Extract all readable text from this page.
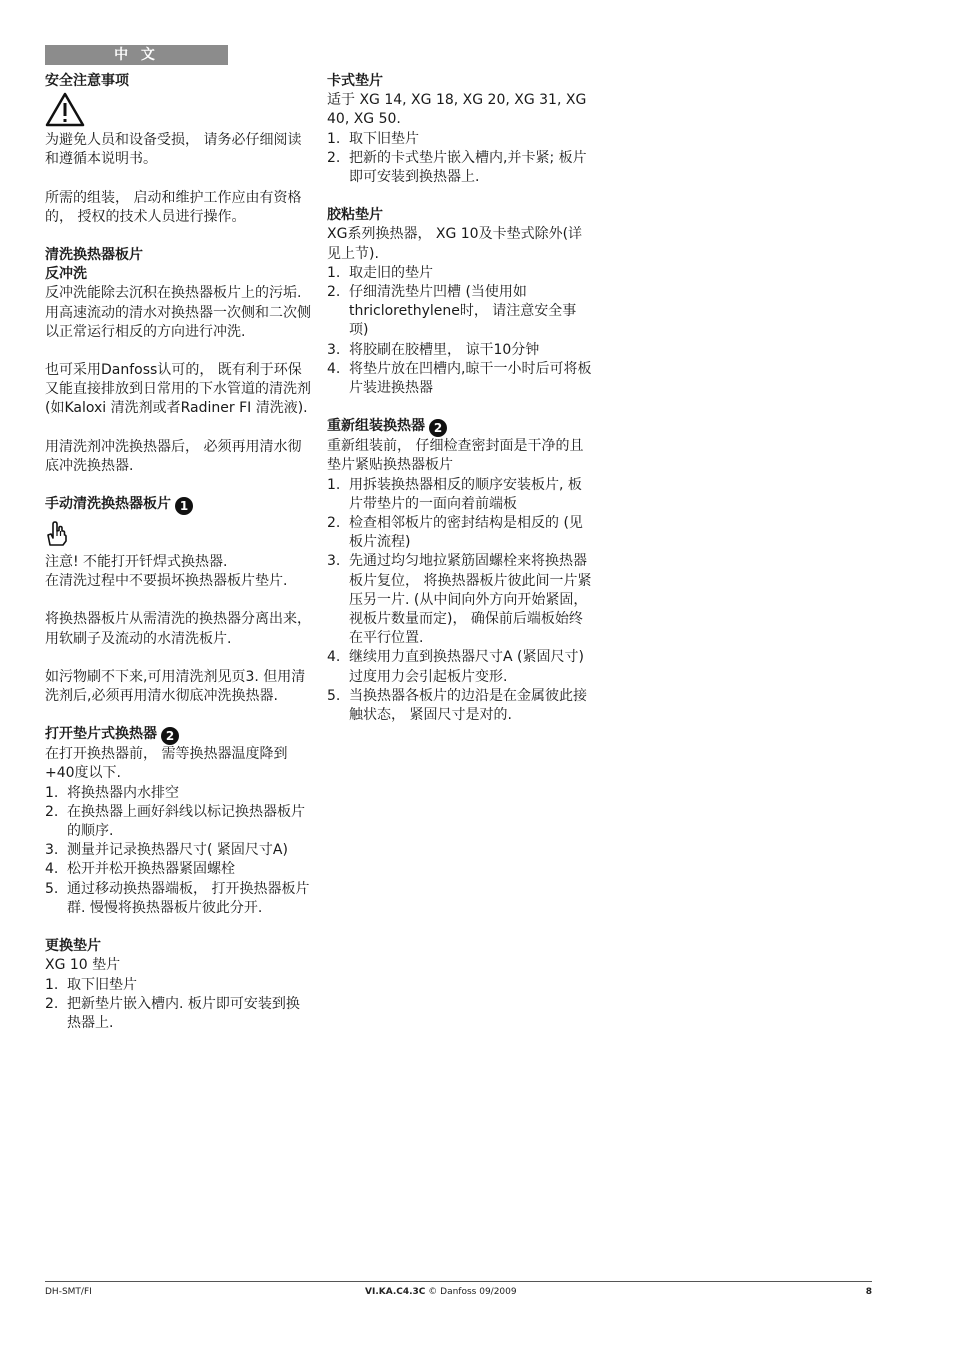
中 文
安全注意事项

为避免人员和设备受损， 请务必仔细阅读和遵循本说明书。

所需的组装， 启动和维护工作应由有资格的， 授权的技术人员进行操作。

清洗换热器板片
反冲洗

反冲洗能除去沉积在换热器板片上的污垢.

用高速流动的清水对换热器一次侧和二次侧以正常运行相反的方向进行冲洗.

也可采用Danfoss认可的， 既有利于环保又能直接排放到日常用的下水管道的清洗剂(如Kaloxi 清洗剂或者Radiner FI 清洗液).

用清洗剂冲洗换热器后， 必须再用清水彻底冲洗换热器.

手动清洗换热器板片 1

注意! 不能打开钎焊式换热器.

在清洗过程中不要损坏换热器板片垫片.

将换热器板片从需清洗的换热器分离出来， 用软刷子及流动的水清洗板片.

如污物刷不下来,可用清洗剂见页3. 但用清洗剂后,必须再用清水彻底冲洗换热器.

打开垫片式换热器 2

在打开换热器前， 需等换热器温度降到 +40度以下.

1. 将换热器内水排空
2. 在换热器上画好斜线以标记换热器板片的顺序.
3. 测量并记录换热器尺寸( 紧固尺寸A)
4. 松开并松开换热器紧固螺栓
5. 通过移动换热器端板， 打开换热器板片群. 慢慢将换热器板片彼此分开.
更换垫片

XG 10 垫片

1. 取下旧垫片
2. 把新垫片嵌入槽内. 板片即可安装到换热器上.
卡式垫片

适于 XG 14, XG 18, XG 20, XG 31, XG 40, XG 50.

1. 取下旧垫片
2. 把新的卡式垫片嵌入槽内,并卡紧; 板片即可安装到换热器上.
胶粘垫片

XG系列换热器， XG 10及卡垫式除外(详见上节).

1. 取走旧的垫片
2. 仔细清洗垫片凹槽 (当使用如 thriclorethylene时， 请注意安全事项)
3. 将胶刷在胶槽里， 谅干10分钟
4. 将垫片放在凹槽内,晾干一小时后可将板片装进换热器
重新组装换热器 2

重新组装前， 仔细检查密封面是干净的且垫片紧贴换热器板片

1. 用拆装换热器相反的顺序安装板片, 板片带垫片的一面向着前端板
2. 检查相邻板片的密封结构是相反的 (见板片流程)
3. 先通过均匀地拉紧筋固螺栓来将换热器板片复位， 将换热器板片彼此间一片紧压另一片. (从中间向外方向开始紧固， 视板片数量而定)， 确保前后端板始终在平行位置.
4. 继续用力直到换热器尺寸A (紧固尺寸) 过度用力会引起板片变形.
5. 当换热器各板片的边沿是在金属彼此接触状态， 紧固尺寸是对的.
DH-SMT/FI	VI.KA.C4.3C © Danfoss 09/2009	8
